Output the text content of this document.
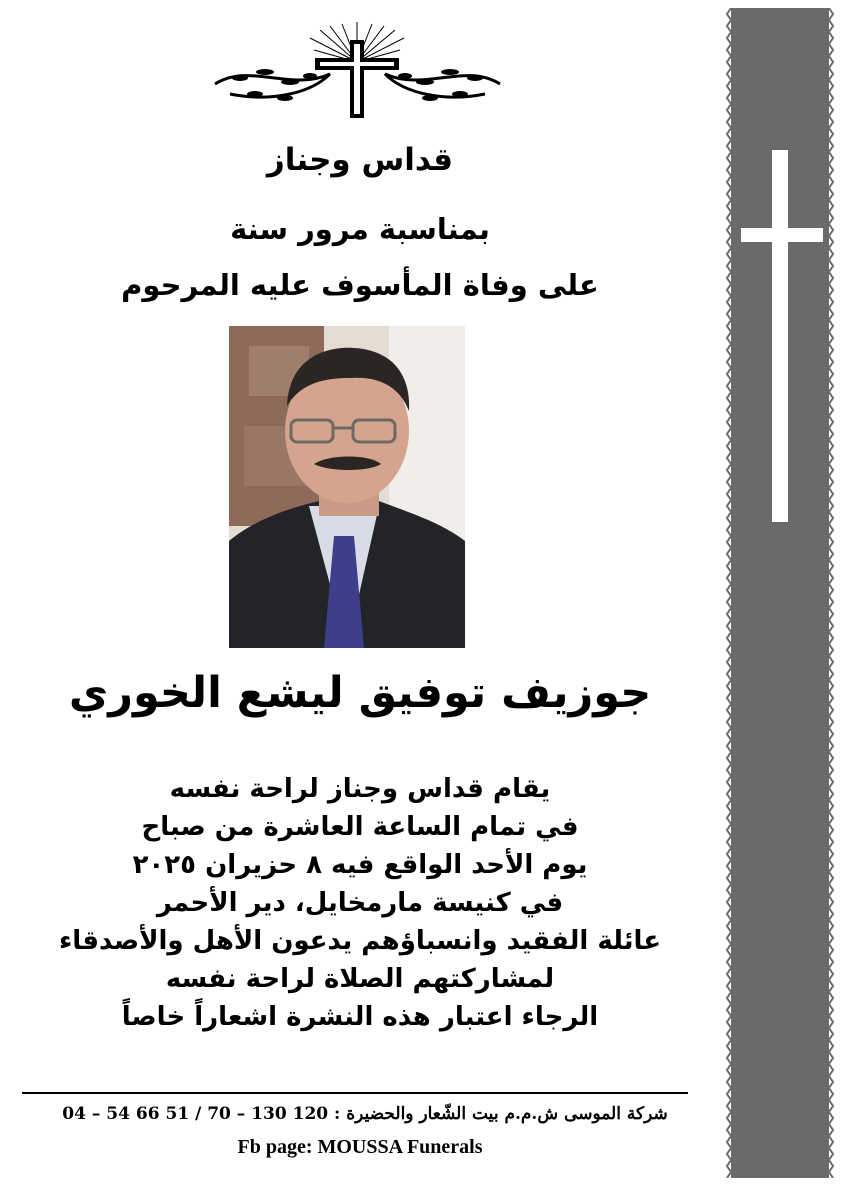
قداس وجناز
بمناسبة مرور سنة
على وفاة المأسوف عليه المرحوم
جوزيف توفيق ليشع الخوري
يقام قداس وجناز لراحة نفسه
في تمام الساعة العاشرة من صباح
يوم الأحد الواقع فيه ٨ حزيران ٢٠٢٥
في كنيسة مارمخايل، دير الأحمر
عائلة الفقيد وانسباؤهم يدعون الأهل والأصدقاء
لمشاركتهم الصلاة لراحة نفسه
الرجاء اعتبار هذه النشرة اشعاراً خاصاً
شركة الموسى ش.م.م بيت الشّعار والحضيرة : 120 130 – 70 / 51 66 54 – 04
Fb page: MOUSSA Funerals
